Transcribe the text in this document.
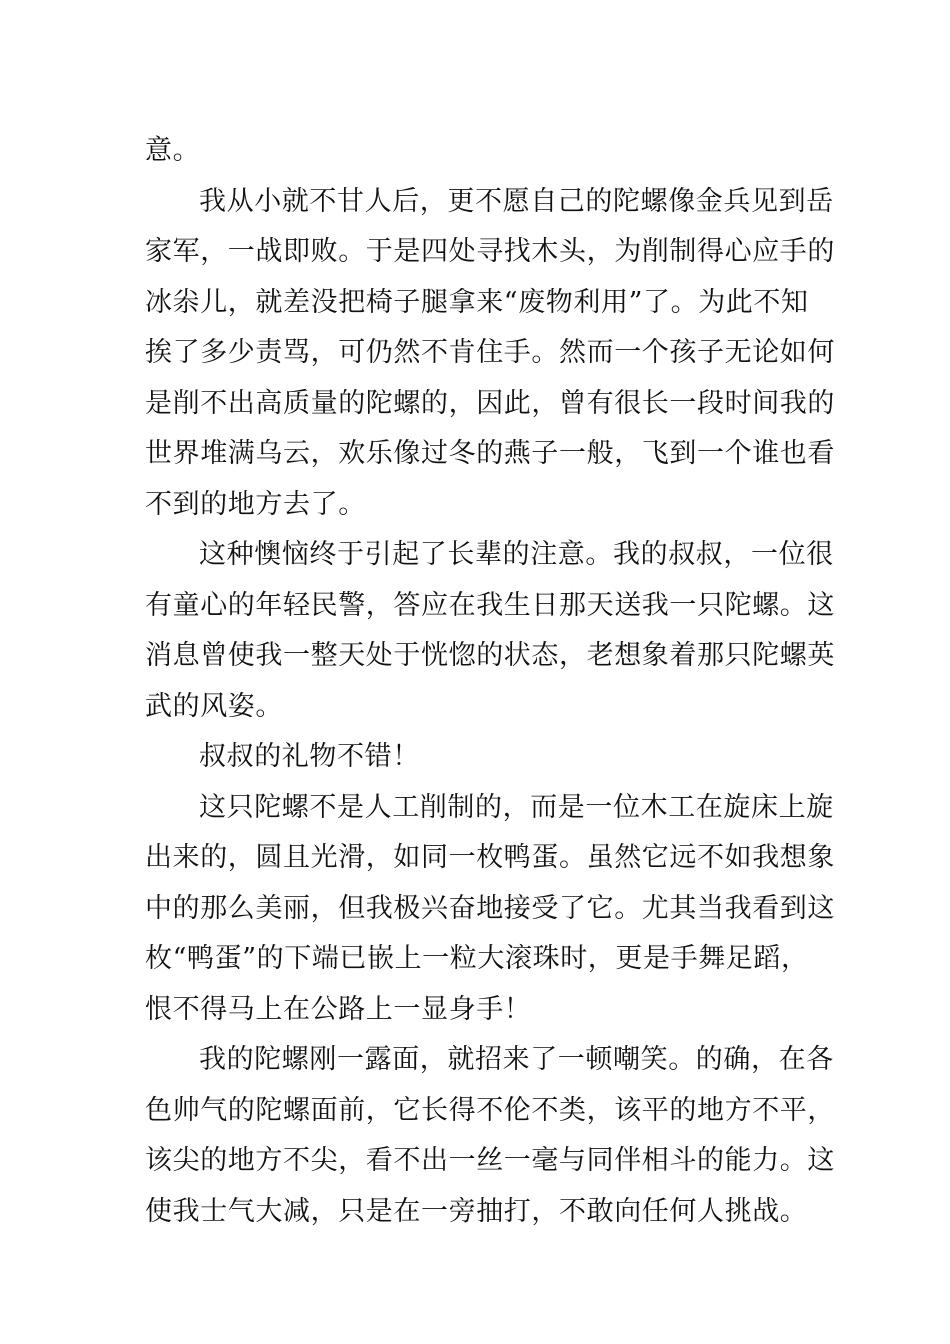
意。
我从小就不甘人后，更不愿自己的陀螺像金兵见到岳
家军，一战即败。于是四处寻找木头，为削制得心应手的
冰尜儿，就差没把椅子腿拿来“废物利用”了。为此不知
挨了多少责骂，可仍然不肯住手。然而一个孩子无论如何
是削不出高质量的陀螺的，因此，曾有很长一段时间我的
世界堆满乌云，欢乐像过冬的燕子一般，飞到一个谁也看
不到的地方去了。
这种懊恼终于引起了长辈的注意。我的叔叔，一位很
有童心的年轻民警，答应在我生日那天送我一只陀螺。这
消息曾使我一整天处于恍惚的状态，老想象着那只陀螺英
武的风姿。
叔叔的礼物不错！
这只陀螺不是人工削制的，而是一位木工在旋床上旋
出来的，圆且光滑，如同一枚鸭蛋。虽然它远不如我想象
中的那么美丽，但我极兴奋地接受了它。尤其当我看到这
枚“鸭蛋”的下端已嵌上一粒大滚珠时，更是手舞足蹈，
恨不得马上在公路上一显身手！
我的陀螺刚一露面，就招来了一顿嘲笑。的确，在各
色帅气的陀螺面前，它长得不伦不类，该平的地方不平，
该尖的地方不尖，看不出一丝一毫与同伴相斗的能力。这
使我士气大减，只是在一旁抽打，不敢向任何人挑战。
